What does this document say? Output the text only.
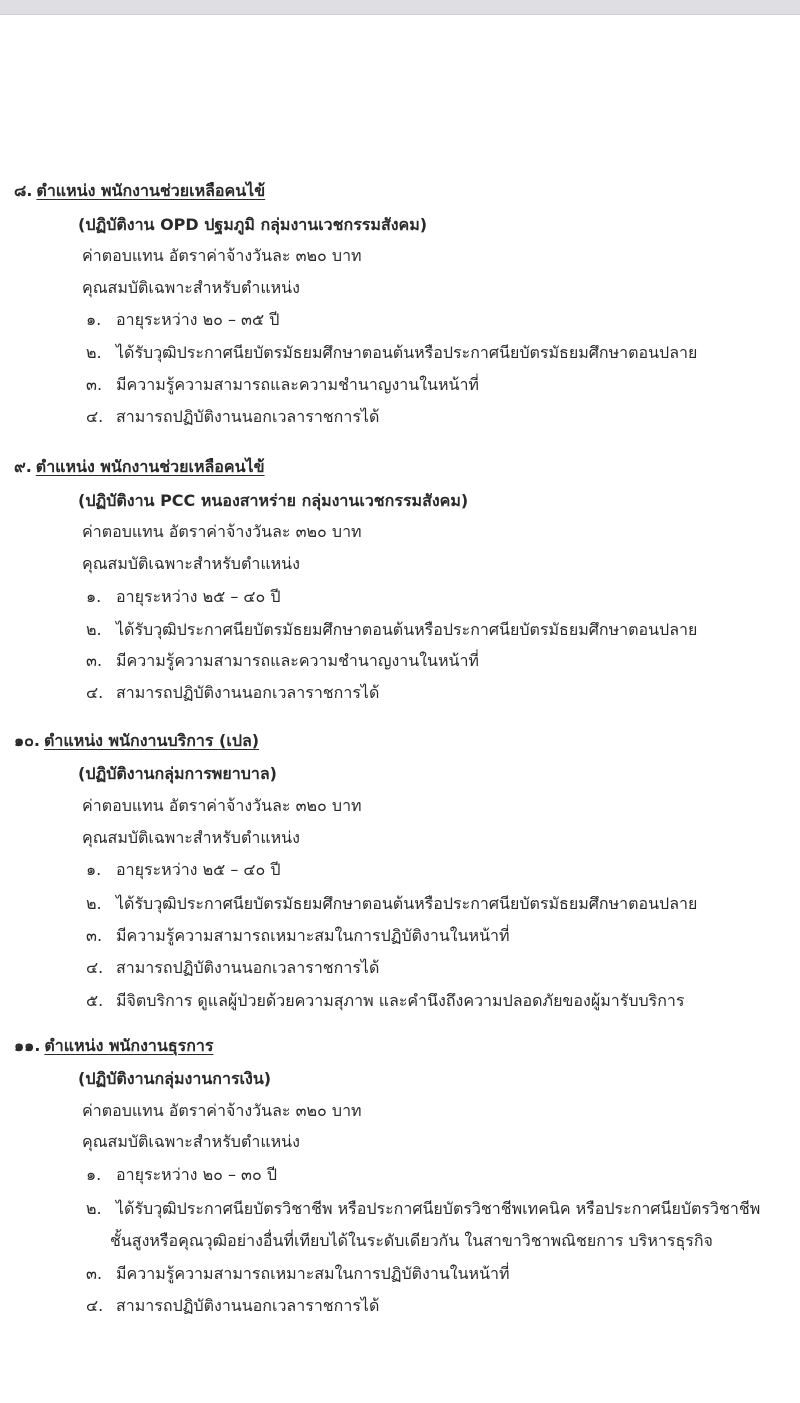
๘. ตำแหน่ง พนักงานช่วยเหลือคนไข้
(ปฏิบัติงาน OPD ปฐมภูมิ กลุ่มงานเวชกรรมสังคม)
ค่าตอบแทน อัตราค่าจ้างวันละ ๓๒๐ บาท
คุณสมบัติเฉพาะสำหรับตำแหน่ง
๑. อายุระหว่าง ๒๐ – ๓๕ ปี
๒. ได้รับวุฒิประกาศนียบัตรมัธยมศึกษาตอนต้นหรือประกาศนียบัตรมัธยมศึกษาตอนปลาย
๓. มีความรู้ความสามารถและความชำนาญงานในหน้าที่
๔. สามารถปฏิบัติงานนอกเวลาราชการได้
๙. ตำแหน่ง พนักงานช่วยเหลือคนไข้
(ปฏิบัติงาน PCC หนองสาหร่าย กลุ่มงานเวชกรรมสังคม)
ค่าตอบแทน อัตราค่าจ้างวันละ ๓๒๐ บาท
คุณสมบัติเฉพาะสำหรับตำแหน่ง
๑. อายุระหว่าง ๒๕ – ๔๐ ปี
๒. ได้รับวุฒิประกาศนียบัตรมัธยมศึกษาตอนต้นหรือประกาศนียบัตรมัธยมศึกษาตอนปลาย
๓. มีความรู้ความสามารถและความชำนาญงานในหน้าที่
๔. สามารถปฏิบัติงานนอกเวลาราชการได้
๑๐. ตำแหน่ง พนักงานบริการ (เปล)
(ปฏิบัติงานกลุ่มการพยาบาล)
ค่าตอบแทน อัตราค่าจ้างวันละ ๓๒๐ บาท
คุณสมบัติเฉพาะสำหรับตำแหน่ง
๑. อายุระหว่าง ๒๕ – ๔๐ ปี
๒. ได้รับวุฒิประกาศนียบัตรมัธยมศึกษาตอนต้นหรือประกาศนียบัตรมัธยมศึกษาตอนปลาย
๓. มีความรู้ความสามารถเหมาะสมในการปฏิบัติงานในหน้าที่
๔. สามารถปฏิบัติงานนอกเวลาราชการได้
๕. มีจิตบริการ ดูแลผู้ป่วยด้วยความสุภาพ และคำนึงถึงความปลอดภัยของผู้มารับบริการ
๑๑. ตำแหน่ง พนักงานธุรการ
(ปฏิบัติงานกลุ่มงานการเงิน)
ค่าตอบแทน อัตราค่าจ้างวันละ ๓๒๐ บาท
คุณสมบัติเฉพาะสำหรับตำแหน่ง
๑. อายุระหว่าง ๒๐ – ๓๐ ปี
๒. ได้รับวุฒิประกาศนียบัตรวิชาชีพ หรือประกาศนียบัตรวิชาชีพเทคนิค หรือประกาศนียบัตรวิชาชีพ
ชั้นสูงหรือคุณวุฒิอย่างอื่นที่เทียบได้ในระดับเดียวกัน ในสาขาวิชาพณิชยการ บริหารธุรกิจ
๓. มีความรู้ความสามารถเหมาะสมในการปฏิบัติงานในหน้าที่
๔. สามารถปฏิบัติงานนอกเวลาราชการได้
